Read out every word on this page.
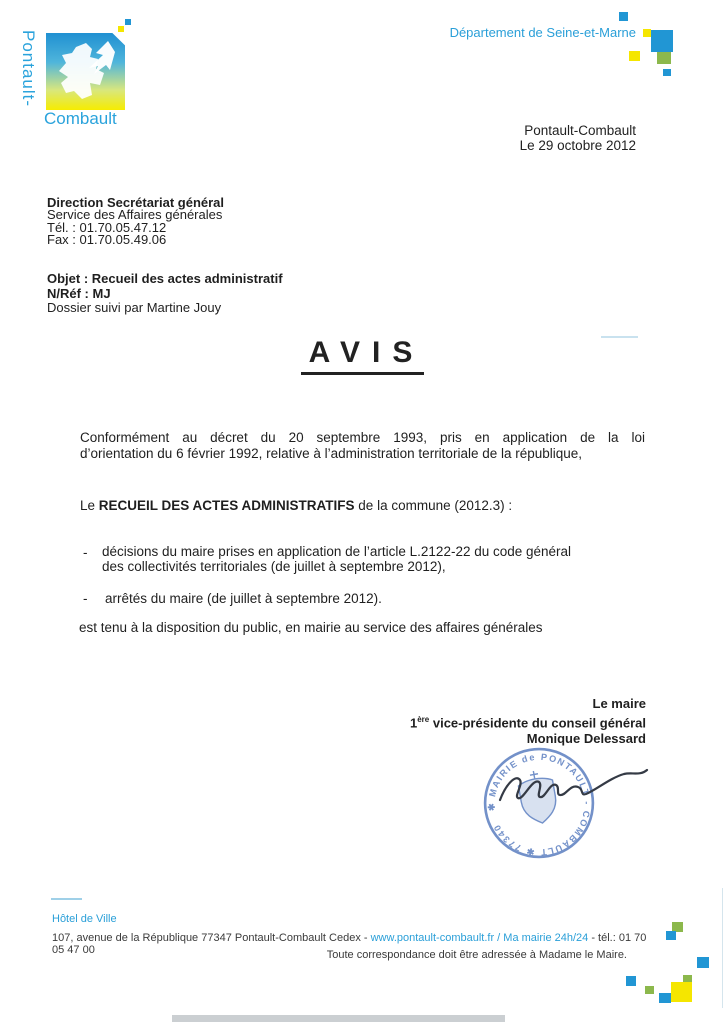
Pontault-
Combault
Département de Seine-et-Marne
Pontault-Combault
Le 29 octobre 2012
Direction Secrétariat général
Service des Affaires générales
Tél. : 01.70.05.47.12
Fax : 01.70.05.49.06
Objet : Recueil des actes administratif
N/Réf : MJ
Dossier suivi par Martine Jouy
AVIS
Conformément au décret du 20 septembre 1993, pris en application de la loi
d’orientation du 6 février 1992, relative à l’administration territoriale de la république,
Le RECUEIL DES ACTES ADMINISTRATIFS de la commune (2012.3) :
- décisions du maire prises en application de l’article L.2122-22 du code général
des collectivités territoriales (de juillet à septembre 2012),
- arrêtés du maire (de juillet à septembre 2012).
est tenu à la disposition du public, en mairie au service des affaires générales
Le maire
1ère vice-présidente du conseil général
Monique Delessard
✱ MAIRIE de PONTAULT - COMBAULT ✱ 77340
Hôtel de Ville
107, avenue de la République 77347 Pontault-Combault Cedex - www.pontault-combault.fr / Ma mairie 24h/24 - tél.: 01 70 05 47 00	Toute correspondance doit être adressée à Madame le Maire.
